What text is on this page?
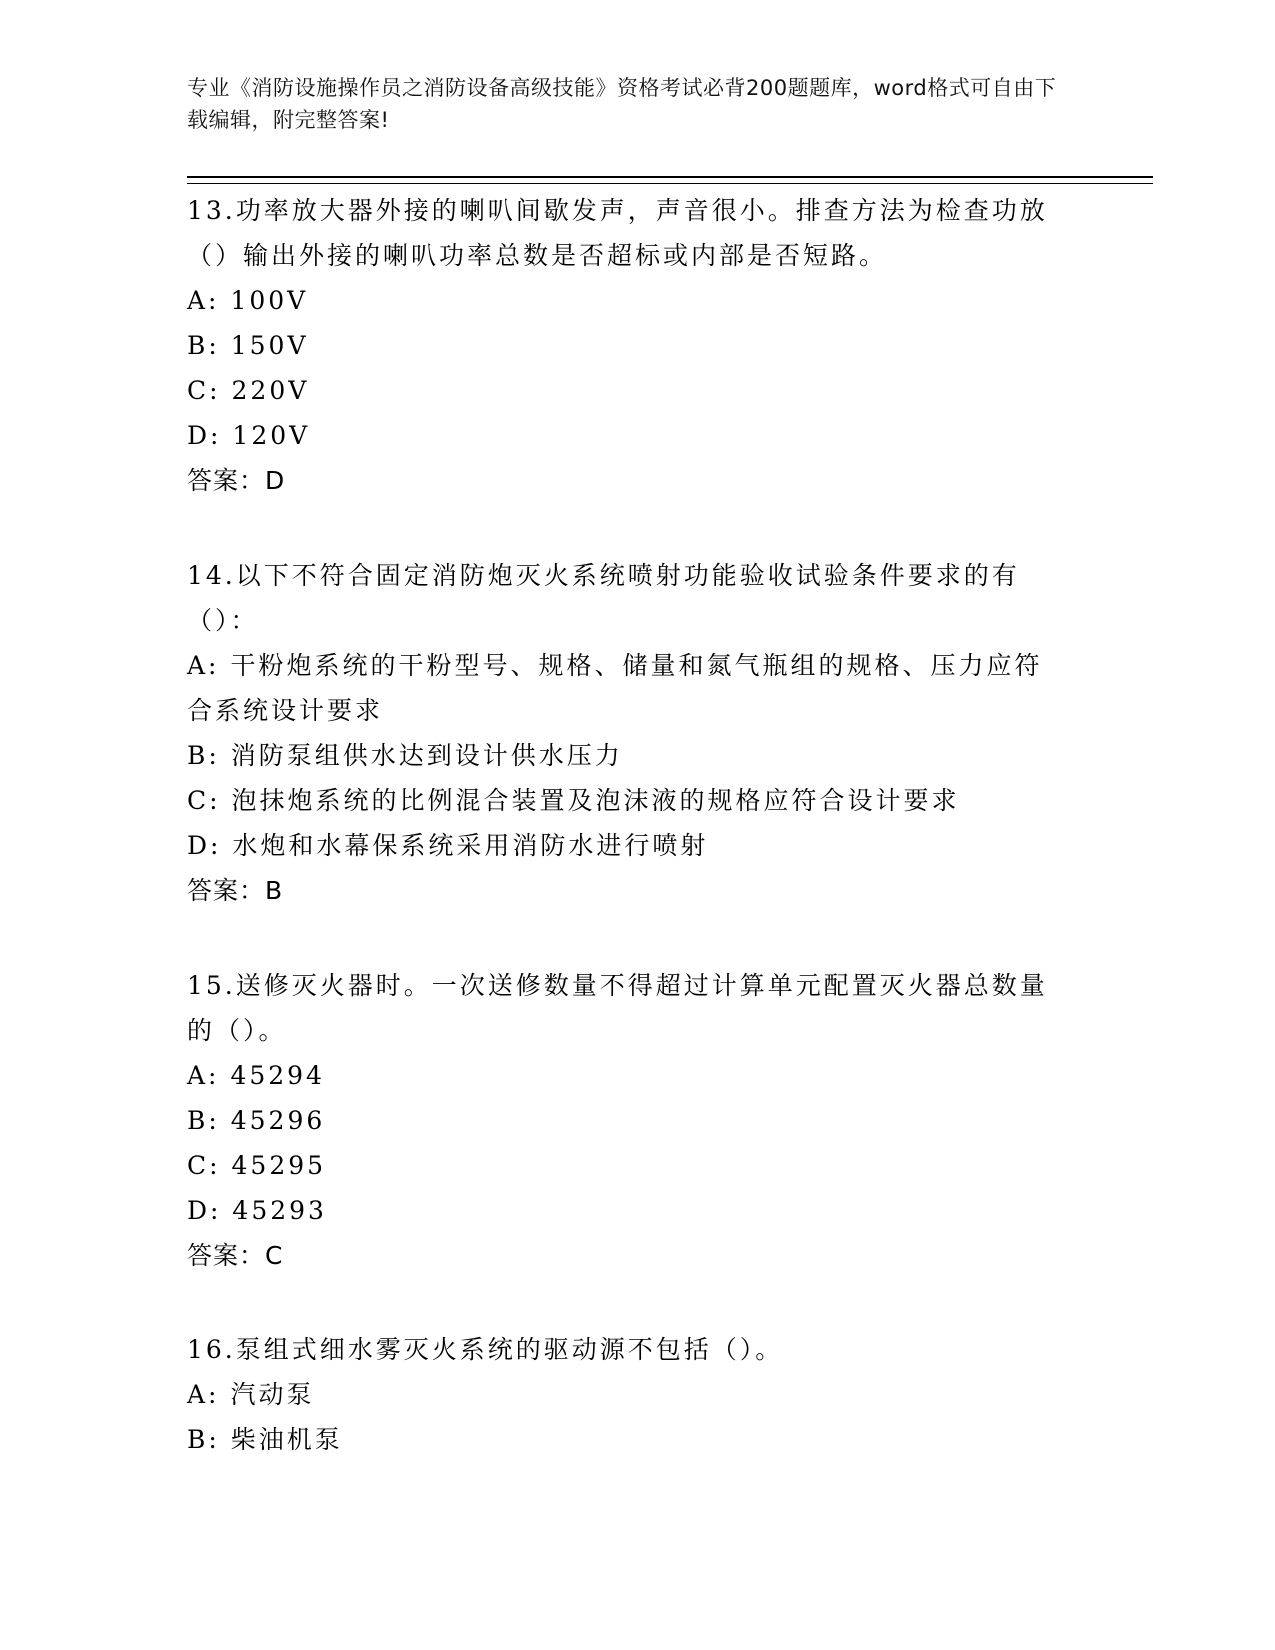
专业《消防设施操作员之消防设备高级技能》资格考试必背200题题库，word格式可自由下载编辑，附完整答案!

13.功率放大器外接的喇叭间歇发声，声音很小。排查方法为检查功放（）输出外接的喇叭功率总数是否超标或内部是否短路。

A: 100V

B: 150V

C: 220V

D: 120V

答案：D

14.以下不符合固定消防炮灭火系统喷射功能验收试验条件要求的有（）：

A: 干粉炮系统的干粉型号、规格、储量和氮气瓶组的规格、压力应符合系统设计要求

B: 消防泵组供水达到设计供水压力

C: 泡抹炮系统的比例混合装置及泡沫液的规格应符合设计要求

D: 水炮和水幕保系统采用消防水进行喷射

答案：B

15.送修灭火器时。一次送修数量不得超过计算单元配置灭火器总数量的（）。

A: 45294

B: 45296

C: 45295

D: 45293

答案：C

16.泵组式细水雾灭火系统的驱动源不包括（）。

A: 汽动泵

B: 柴油机泵
